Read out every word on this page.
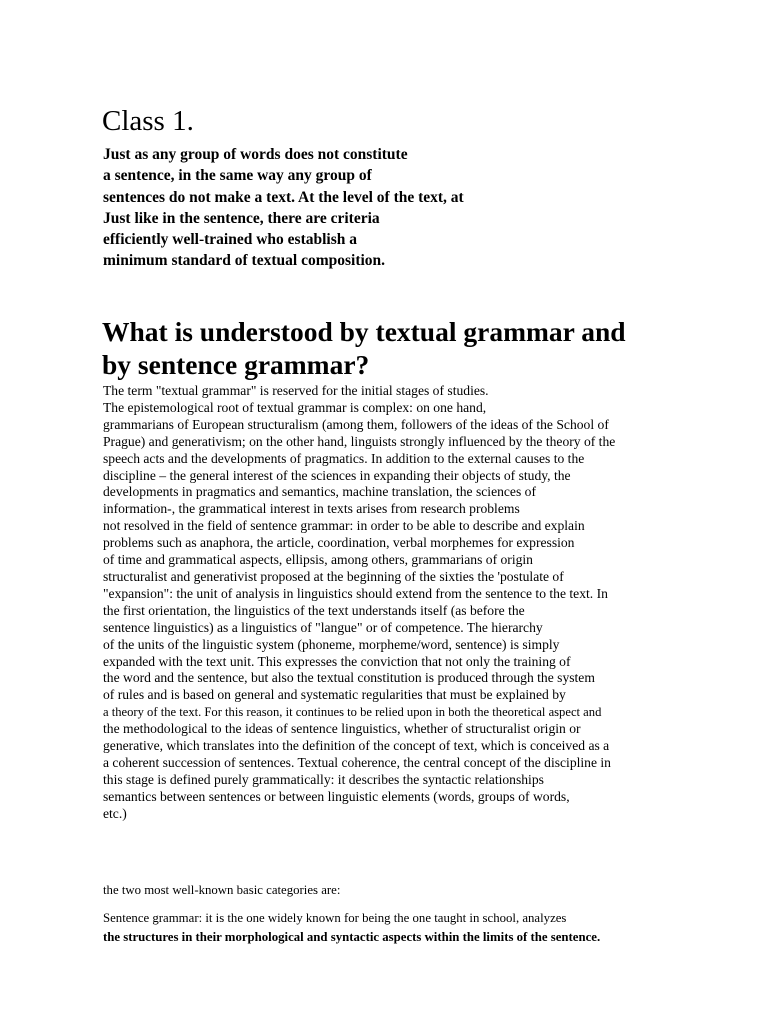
Class 1.

Just as any group of words does not constitute
a sentence, in the same way any group of
sentences do not make a text. At the level of the text, at
Just like in the sentence, there are criteria
efficiently well-trained who establish a
minimum standard of textual composition.

What is understood by textual grammar and
by sentence grammar?

The term "textual grammar" is reserved for the initial stages of studies.
The epistemological root of textual grammar is complex: on one hand,
grammarians of European structuralism (among them, followers of the ideas of the School of
Prague) and generativism; on the other hand, linguists strongly influenced by the theory of the
speech acts and the developments of pragmatics. In addition to the external causes to the
discipline – the general interest of the sciences in expanding their objects of study, the
developments in pragmatics and semantics, machine translation, the sciences of
information-, the grammatical interest in texts arises from research problems
not resolved in the field of sentence grammar: in order to be able to describe and explain
problems such as anaphora, the article, coordination, verbal morphemes for expression
of time and grammatical aspects, ellipsis, among others, grammarians of origin
structuralist and generativist proposed at the beginning of the sixties the 'postulate of
"expansion": the unit of analysis in linguistics should extend from the sentence to the text. In
the first orientation, the linguistics of the text understands itself (as before the
sentence linguistics) as a linguistics of "langue" or of competence. The hierarchy
of the units of the linguistic system (phoneme, morpheme/word, sentence) is simply
expanded with the text unit. This expresses the conviction that not only the training of
the word and the sentence, but also the textual constitution is produced through the system
of rules and is based on general and systematic regularities that must be explained by
a theory of the text. For this reason, it continues to be relied upon in both the theoretical aspect and
the methodological to the ideas of sentence linguistics, whether of structuralist origin or
generative, which translates into the definition of the concept of text, which is conceived as a
a coherent succession of sentences. Textual coherence, the central concept of the discipline in
this stage is defined purely grammatically: it describes the syntactic relationships
semantics between sentences or between linguistic elements (words, groups of words,
etc.)

the two most well-known basic categories are:

Sentence grammar: it is the one widely known for being the one taught in school, analyzes
the structures in their morphological and syntactic aspects within the limits of the sentence.
